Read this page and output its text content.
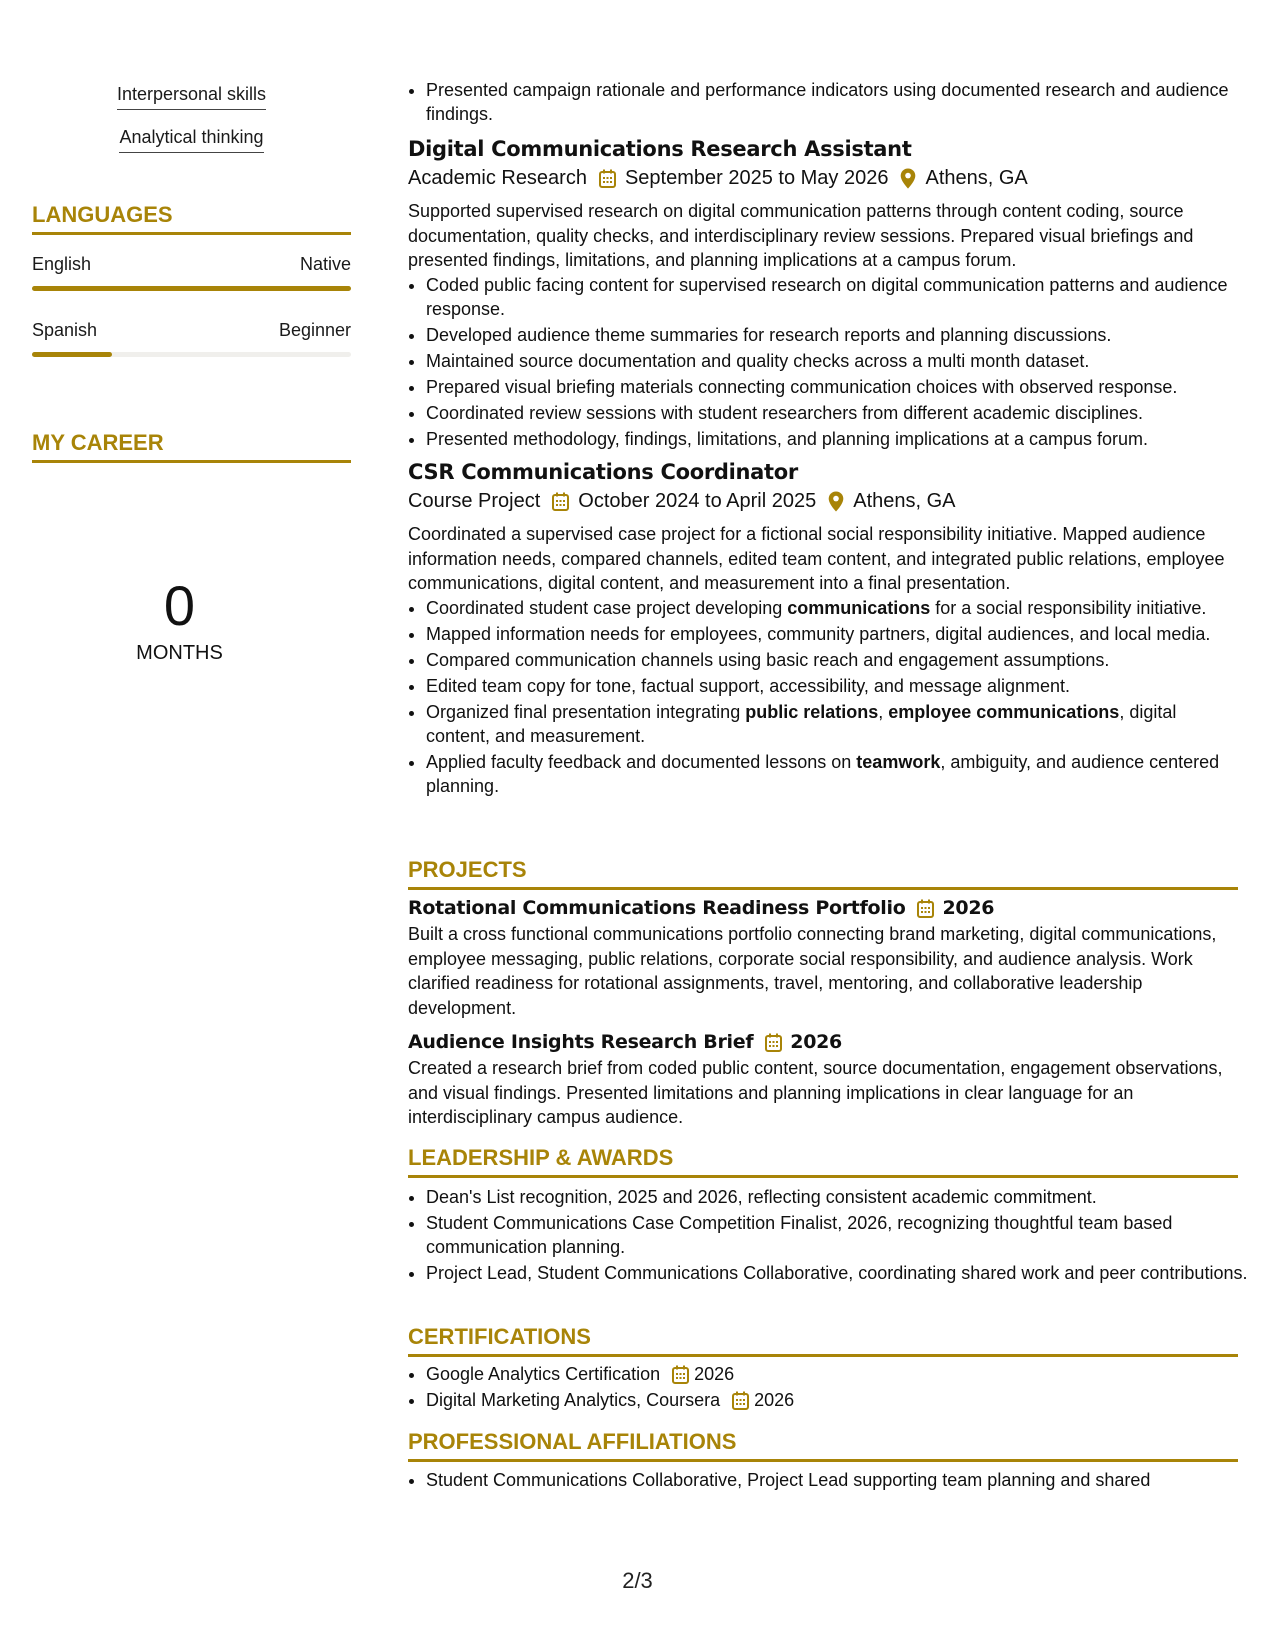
Interpersonal skills
Analytical thinking
LANGUAGES
English	Native
Spanish	Beginner
MY CAREER
0
MONTHS
• Presented campaign rationale and performance indicators using documented research and audience findings.
Digital Communications Research Assistant
Academic Research September 2025 to May 2026 Athens, GA

Supported supervised research on digital communication patterns through content coding, source documentation, quality checks, and interdisciplinary review sessions. Prepared visual briefings and presented findings, limitations, and planning implications at a campus forum.

• Coded public facing content for supervised research on digital communication patterns and audience response.
• Developed audience theme summaries for research reports and planning discussions.
• Maintained source documentation and quality checks across a multi month dataset.
• Prepared visual briefing materials connecting communication choices with observed response.
• Coordinated review sessions with student researchers from different academic disciplines.
• Presented methodology, findings, limitations, and planning implications at a campus forum.
CSR Communications Coordinator
Course Project October 2024 to April 2025 Athens, GA

Coordinated a supervised case project for a fictional social responsibility initiative. Mapped audience information needs, compared channels, edited team content, and integrated public relations, employee communications, digital content, and measurement into a final presentation.

• Coordinated student case project developing communications for a social responsibility initiative.
• Mapped information needs for employees, community partners, digital audiences, and local media.
• Compared communication channels using basic reach and engagement assumptions.
• Edited team copy for tone, factual support, accessibility, and message alignment.
• Organized final presentation integrating public relations, employee communications, digital content, and measurement.
• Applied faculty feedback and documented lessons on teamwork, ambiguity, and audience centered planning.
PROJECTS
Rotational Communications Readiness Portfolio 2026

Built a cross functional communications portfolio connecting brand marketing, digital communications, employee messaging, public relations, corporate social responsibility, and audience analysis. Work clarified readiness for rotational assignments, travel, mentoring, and collaborative leadership development.

Audience Insights Research Brief 2026

Created a research brief from coded public content, source documentation, engagement observations, and visual findings. Presented limitations and planning implications in clear language for an interdisciplinary campus audience.

LEADERSHIP & AWARDS
• Dean's List recognition, 2025 and 2026, reflecting consistent academic commitment.
• Student Communications Case Competition Finalist, 2026, recognizing thoughtful team based communication planning.
• Project Lead, Student Communications Collaborative, coordinating shared work and peer contributions.
CERTIFICATIONS
• Google Analytics Certification 2026
• Digital Marketing Analytics, Coursera 2026
PROFESSIONAL AFFILIATIONS
• Student Communications Collaborative, Project Lead supporting team planning and shared
2/3
